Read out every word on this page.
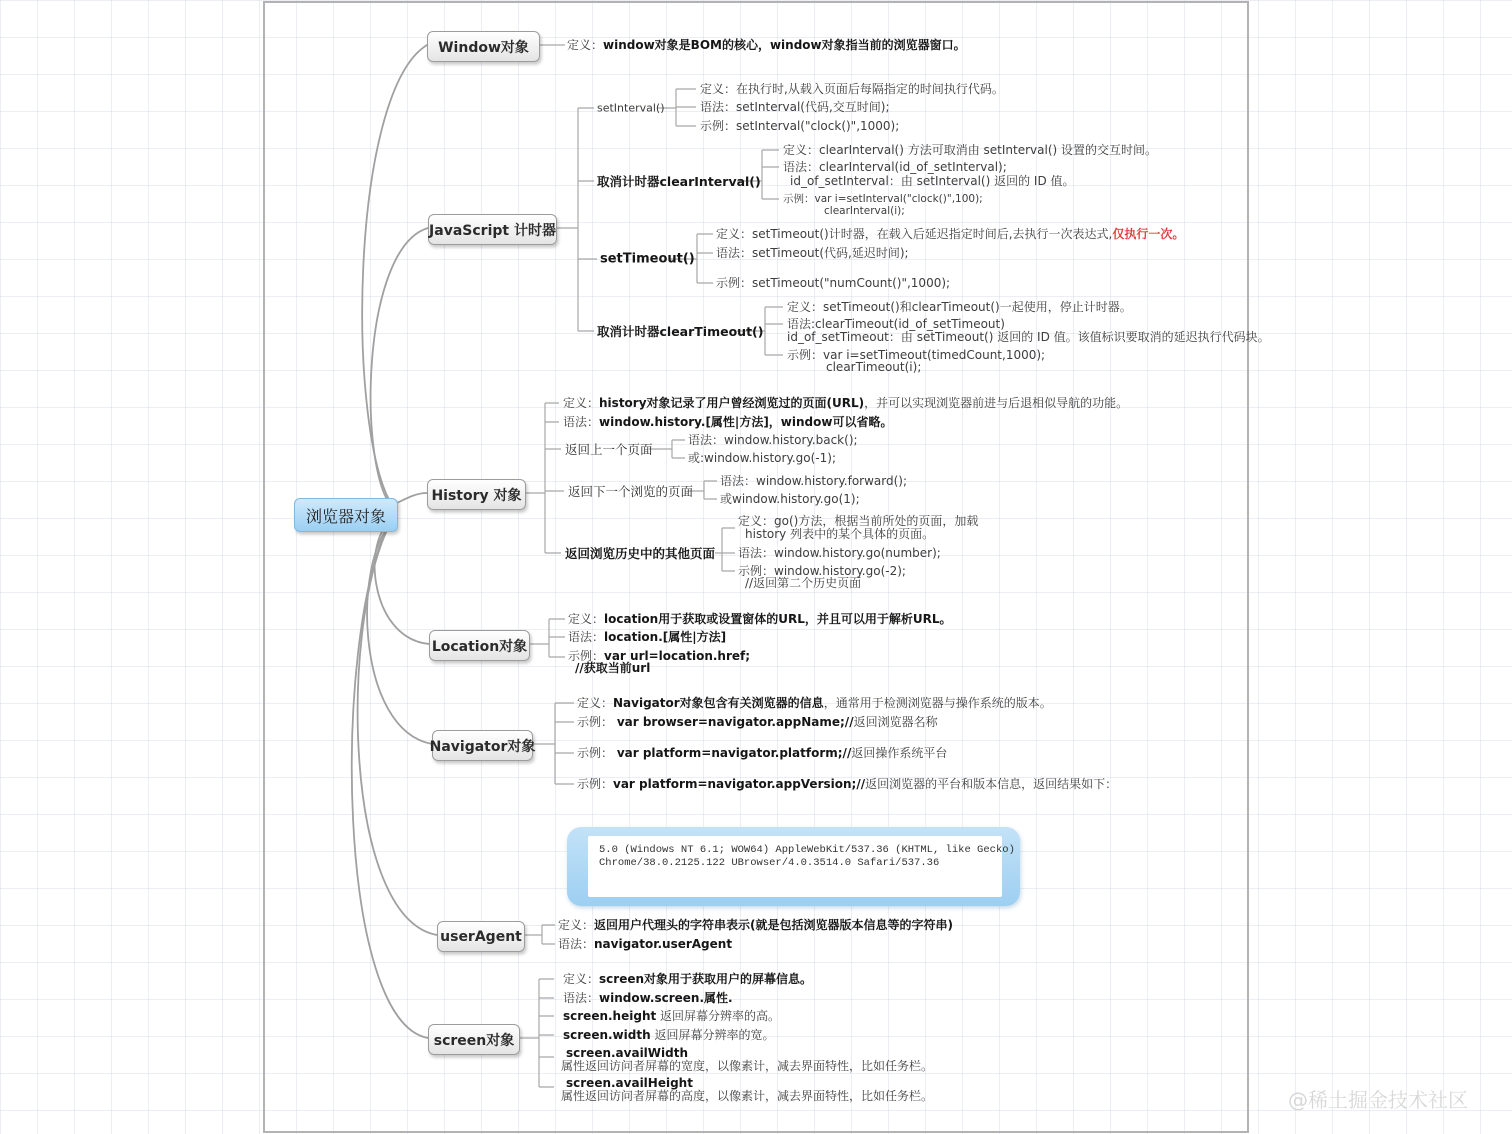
浏览器对象
Window对象
JavaScript 计时器
History 对象
Location对象
Navigator对象
userAgent
screen对象
定义：window对象是BOM的核心，window对象指当前的浏览器窗口。
setInterval()
定义：在执行时,从载入页面后每隔指定的时间执行代码。
语法：setInterval(代码,交互时间);
示例：setInterval("clock()",1000);
取消计时器clearInterval()
定义：clearInterval() 方法可取消由 setInterval() 设置的交互时间。
语法：clearInterval(id_of_setInterval);
id_of_setInterval：由 setInterval() 返回的 ID 值。
示例：var i=setInterval("clock()",100);
clearInterval(i);
setTimeout()
定义：setTimeout()计时器，在载入后延迟指定时间后,去执行一次表达式,仅执行一次。
语法：setTimeout(代码,延迟时间);
示例：setTimeout("numCount()",1000);
取消计时器clearTimeout()
定义：setTimeout()和clearTimeout()一起使用，停止计时器。
语法:clearTimeout(id_of_setTimeout)
id_of_setTimeout：由 setTimeout() 返回的 ID 值。该值标识要取消的延迟执行代码块。
示例：var i=setTimeout(timedCount,1000);
clearTimeout(i);
定义：history对象记录了用户曾经浏览过的页面(URL)，并可以实现浏览器前进与后退相似导航的功能。
语法：window.history.[属性|方法]，window可以省略。
返回上一个页面
语法：window.history.back();
或:window.history.go(-1);
返回下一个浏览的页面
语法：window.history.forward();
或window.history.go(1);
返回浏览历史中的其他页面
定义：go()方法，根据当前所处的页面，加载
history 列表中的某个具体的页面。
语法：window.history.go(number);
示例：window.history.go(-2);
//返回第二个历史页面
定义：location用于获取或设置窗体的URL，并且可以用于解析URL。
语法：location.[属性|方法]
示例：var url=location.href;
//获取当前url
定义：Navigator对象包含有关浏览器的信息，通常用于检测浏览器与操作系统的版本。
示例： var browser=navigator.appName;//返回浏览器名称
示例： var platform=navigator.platform;//返回操作系统平台
示例：var platform=navigator.appVersion;//返回浏览器的平台和版本信息，返回结果如下：
5.0 (Windows NT 6.1; WOW64) AppleWebKit/537.36 (KHTML, like Gecko)
Chrome/38.0.2125.122 UBrowser/4.0.3514.0 Safari/537.36
定义：返回用户代理头的字符串表示(就是包括浏览器版本信息等的字符串)
语法：navigator.userAgent
定义：screen对象用于获取用户的屏幕信息。
语法：window.screen.属性.
screen.height 返回屏幕分辨率的高。
screen.width 返回屏幕分辨率的宽。
screen.availWidth
属性返回访问者屏幕的宽度，以像素计，减去界面特性，比如任务栏。
screen.availHeight
属性返回访问者屏幕的高度，以像素计，减去界面特性，比如任务栏。	@稀土掘金技术社区
